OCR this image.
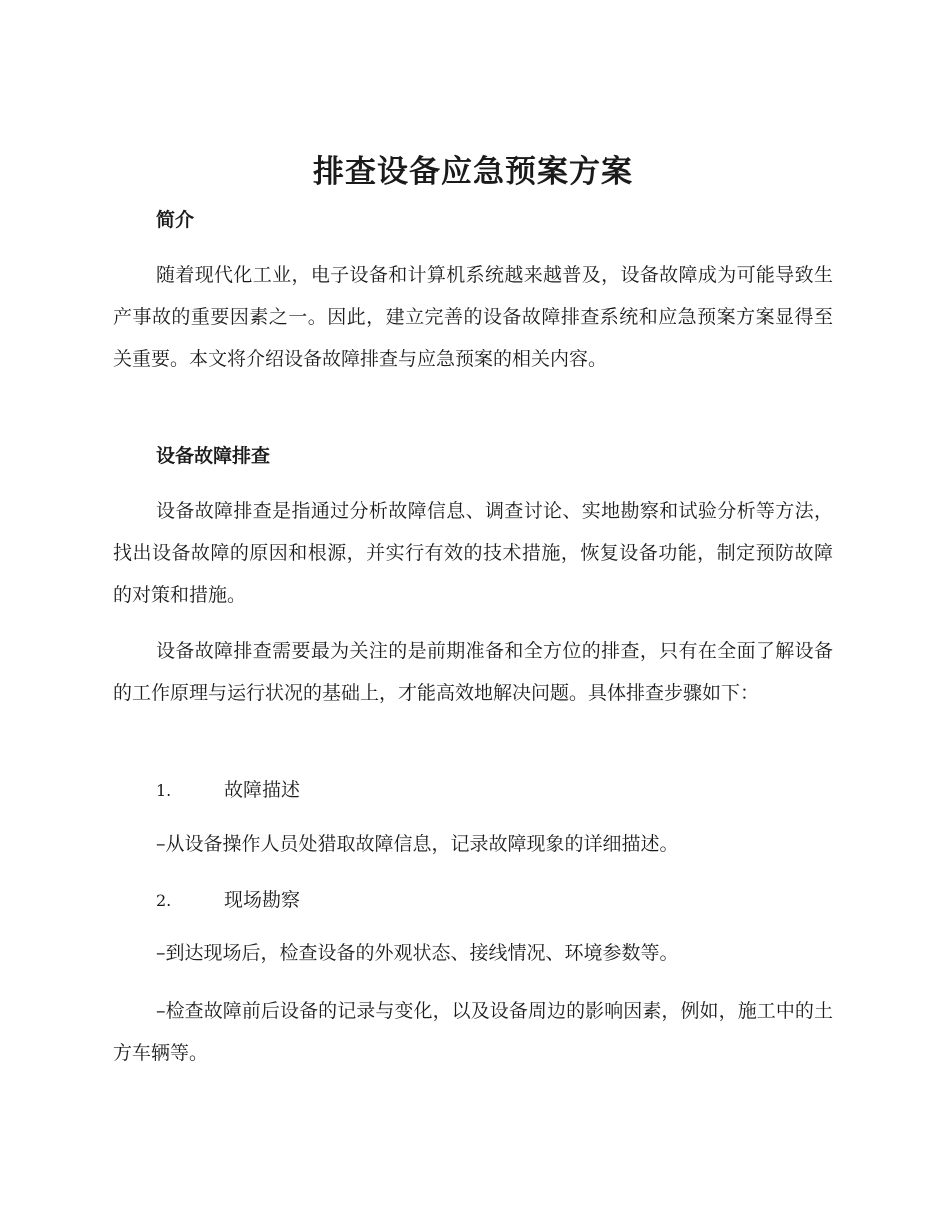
排查设备应急预案方案
简介

随着现代化工业，电子设备和计算机系统越来越普及，设备故障成为可能导致生产事故的重要因素之一。因此，建立完善的设备故障排查系统和应急预案方案显得至关重要。本文将介绍设备故障排查与应急预案的相关内容。

设备故障排查

设备故障排查是指通过分析故障信息、调查讨论、实地勘察和试验分析等方法，找出设备故障的原因和根源，并实行有效的技术措施，恢复设备功能，制定预防故障的对策和措施。

设备故障排查需要最为关注的是前期准备和全方位的排查，只有在全面了解设备的工作原理与运行状况的基础上，才能高效地解决问题。具体排查步骤如下：

1.	故障描述

–从设备操作人员处猎取故障信息，记录故障现象的详细描述。

2.	现场勘察

–到达现场后，检查设备的外观状态、接线情况、环境参数等。

–检查故障前后设备的记录与变化，以及设备周边的影响因素，例如，施工中的土方车辆等。
